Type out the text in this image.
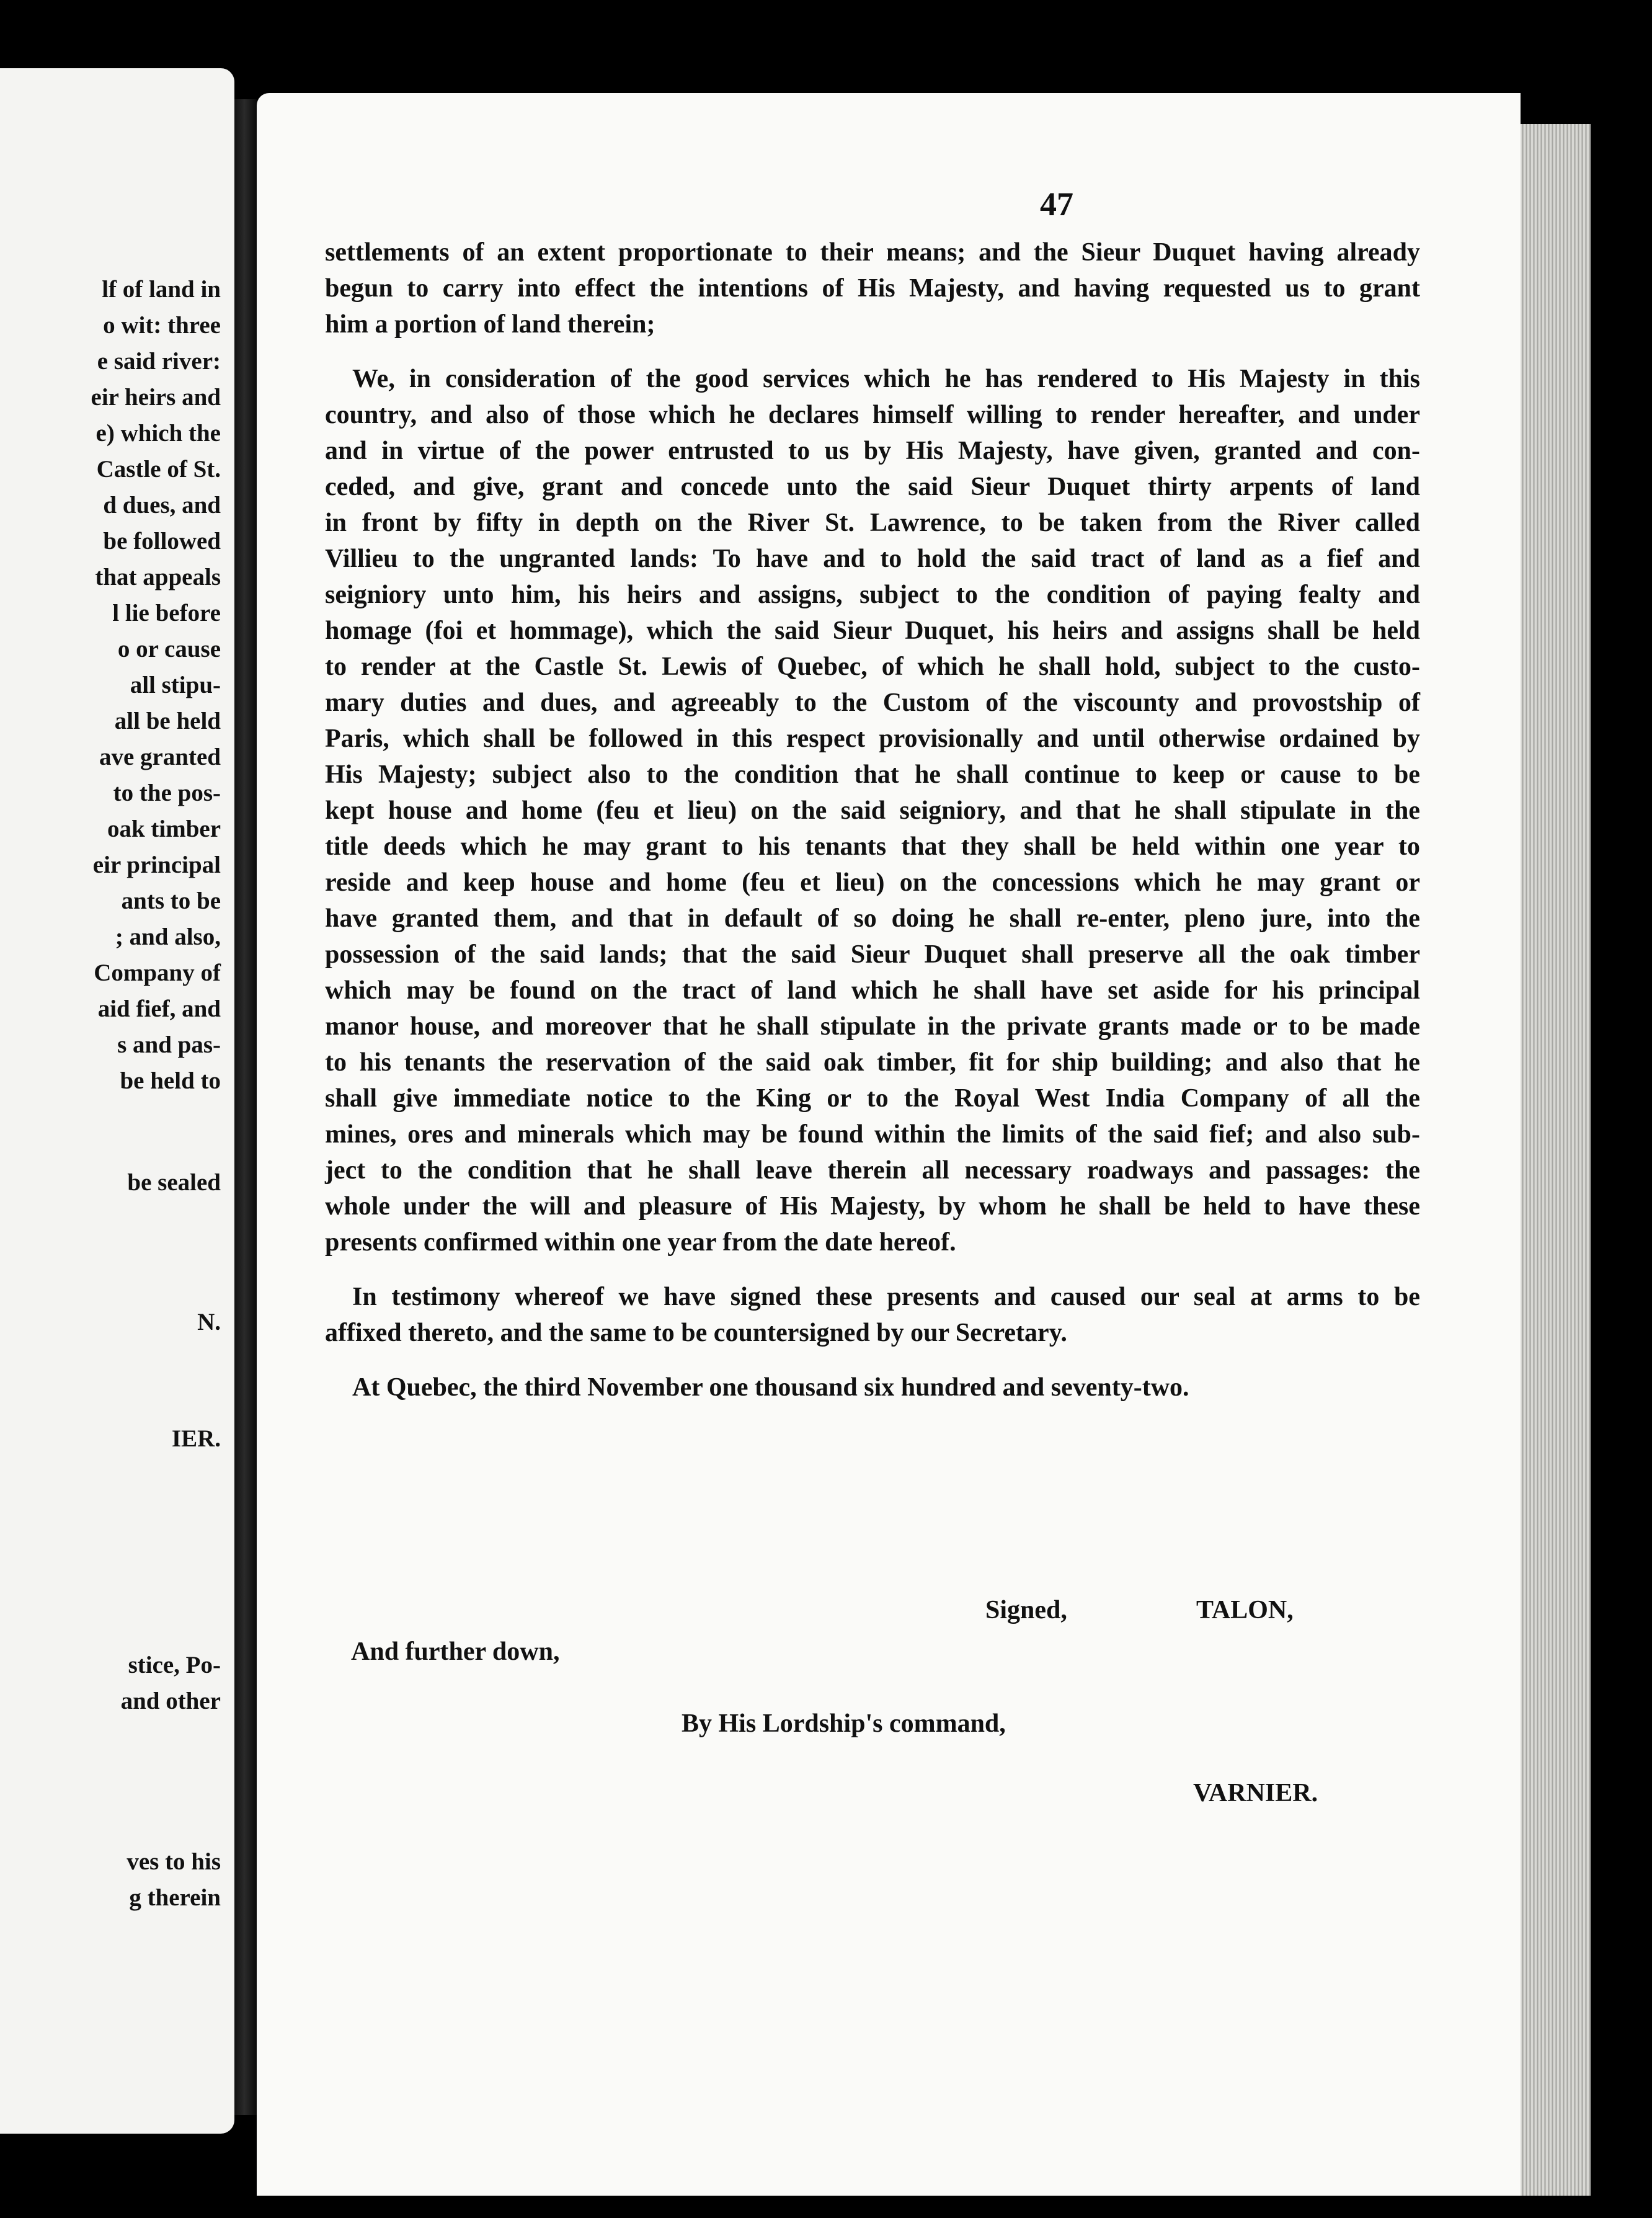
lf of land in
o wit: three
e said river:
eir heirs and
e) which the
Castle of St.
d dues, and
be followed
that appeals
l lie before
o or cause
all stipu-
all be held
ave granted
to the pos-
oak timber
eir principal
ants to be
; and also,
Company of
aid fief, and
s and pas-
be held to
be sealed
N.
IER.
stice, Po-
and other
ves to his
g therein
47
settlements of an extent proportionate to their means; and the Sieur Duquet having already
begun to carry into effect the intentions of His Majesty, and having requested us to grant
him a portion of land therein;
We, in consideration of the good services which he has rendered to His Majesty in this
country, and also of those which he declares himself willing to render hereafter, and under
and in virtue of the power entrusted to us by His Majesty, have given, granted and con-
ceded, and give, grant and concede unto the said Sieur Duquet thirty arpents of land
in front by fifty in depth on the River St. Lawrence, to be taken from the River called
Villieu to the ungranted lands: To have and to hold the said tract of land as a fief and
seigniory unto him, his heirs and assigns, subject to the condition of paying fealty and
homage (foi et hommage), which the said Sieur Duquet, his heirs and assigns shall be held
to render at the Castle St. Lewis of Quebec, of which he shall hold, subject to the custo-
mary duties and dues, and agreeably to the Custom of the viscounty and provostship of
Paris, which shall be followed in this respect provisionally and until otherwise ordained by
His Majesty; subject also to the condition that he shall continue to keep or cause to be
kept house and home (feu et lieu) on the said seigniory, and that he shall stipulate in the
title deeds which he may grant to his tenants that they shall be held within one year to
reside and keep house and home (feu et lieu) on the concessions which he may grant or
have granted them, and that in default of so doing he shall re-enter, pleno jure, into the
possession of the said lands; that the said Sieur Duquet shall preserve all the oak timber
which may be found on the tract of land which he shall have set aside for his principal
manor house, and moreover that he shall stipulate in the private grants made or to be made
to his tenants the reservation of the said oak timber, fit for ship building; and also that he
shall give immediate notice to the King or to the Royal West India Company of all the
mines, ores and minerals which may be found within the limits of the said fief; and also sub-
ject to the condition that he shall leave therein all necessary roadways and passages: the
whole under the will and pleasure of His Majesty, by whom he shall be held to have these
presents confirmed within one year from the date hereof.
In testimony whereof we have signed these presents and caused our seal at arms to be
affixed thereto, and the same to be countersigned by our Secretary.
At Quebec, the third November one thousand six hundred and seventy-two.
Signed,	TALON,
And further down,
By His Lordship's command,
VARNIER.
